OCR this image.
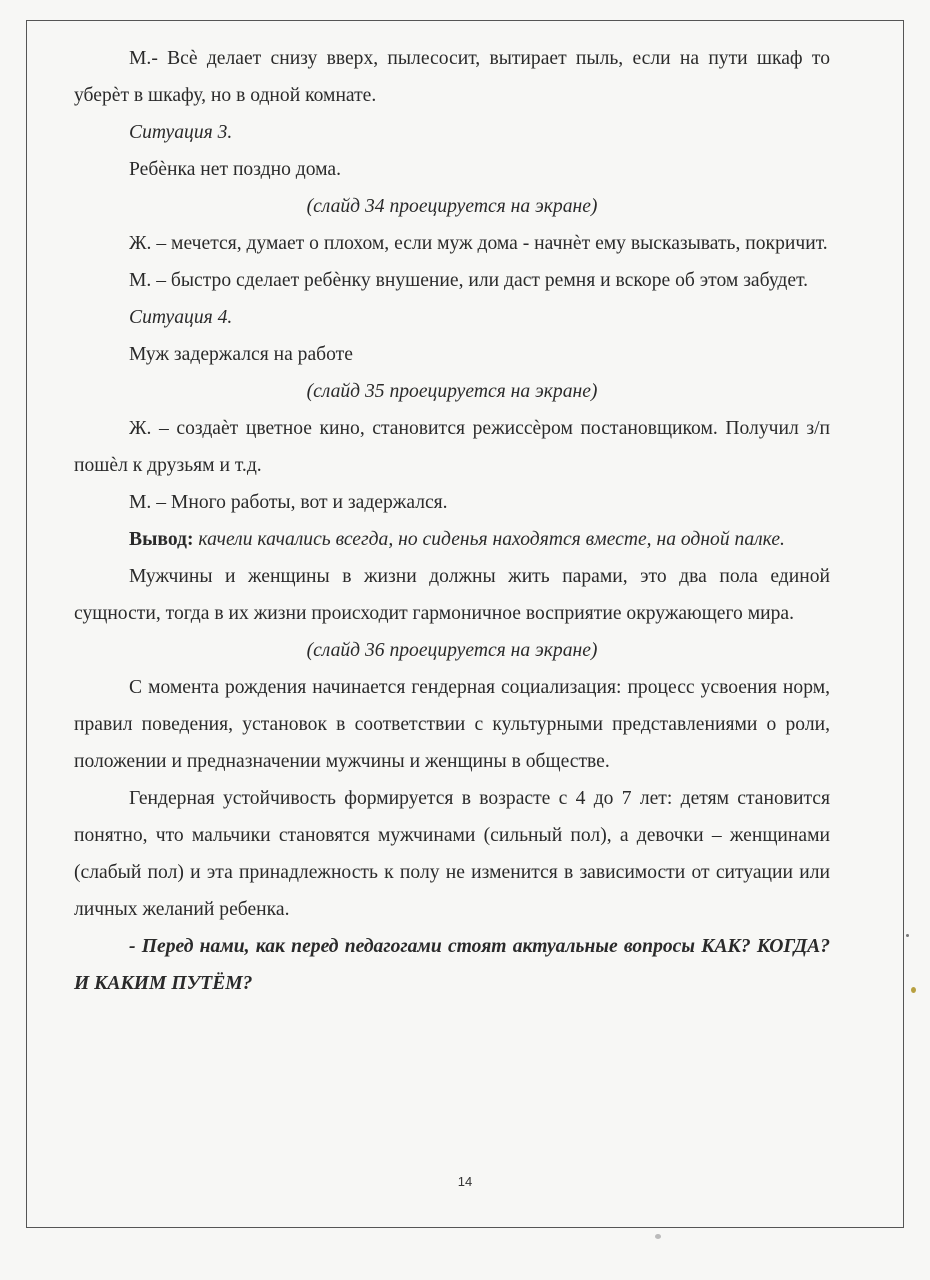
М.- Всѐ делает снизу вверх, пылесосит, вытирает пыль, если на пути шкаф то уберѐт в шкафу, но в одной комнате.

Ситуация 3.

Ребѐнка нет поздно дома.

(слайд 34 проецируется на экране)

Ж. – мечется, думает о плохом, если муж дома - начнѐт ему высказывать, покричит.

М. – быстро сделает ребѐнку внушение, или даст ремня и вскоре об этом забудет.

Ситуация 4.

Муж задержался на работе

(слайд 35 проецируется на экране)

Ж. – создаѐт цветное кино, становится режиссѐром постановщиком. Получил з/п пошѐл к друзьям и т.д.

М. – Много работы, вот и задержался.

Вывод: качели качались всегда, но сиденья находятся вместе, на одной палке.

Мужчины и женщины в жизни должны жить парами, это два пола единой сущности, тогда в их жизни происходит гармоничное восприятие окружающего мира.

(слайд 36 проецируется на экране)

С момента рождения начинается гендерная социализация: процесс усвоения норм, правил поведения, установок в соответствии с культурными представлениями о роли, положении и предназначении мужчины и женщины в обществе.

Гендерная устойчивость формируется в возрасте с 4 до 7 лет: детям становится понятно, что мальчики становятся мужчинами (сильный пол), а девочки – женщинами (слабый пол) и эта принадлежность к полу не изменится в зависимости от ситуации или личных желаний ребенка.

- Перед нами, как перед педагогами стоят актуальные вопросы КАК? КОГДА? И КАКИМ ПУТЁМ?

14
